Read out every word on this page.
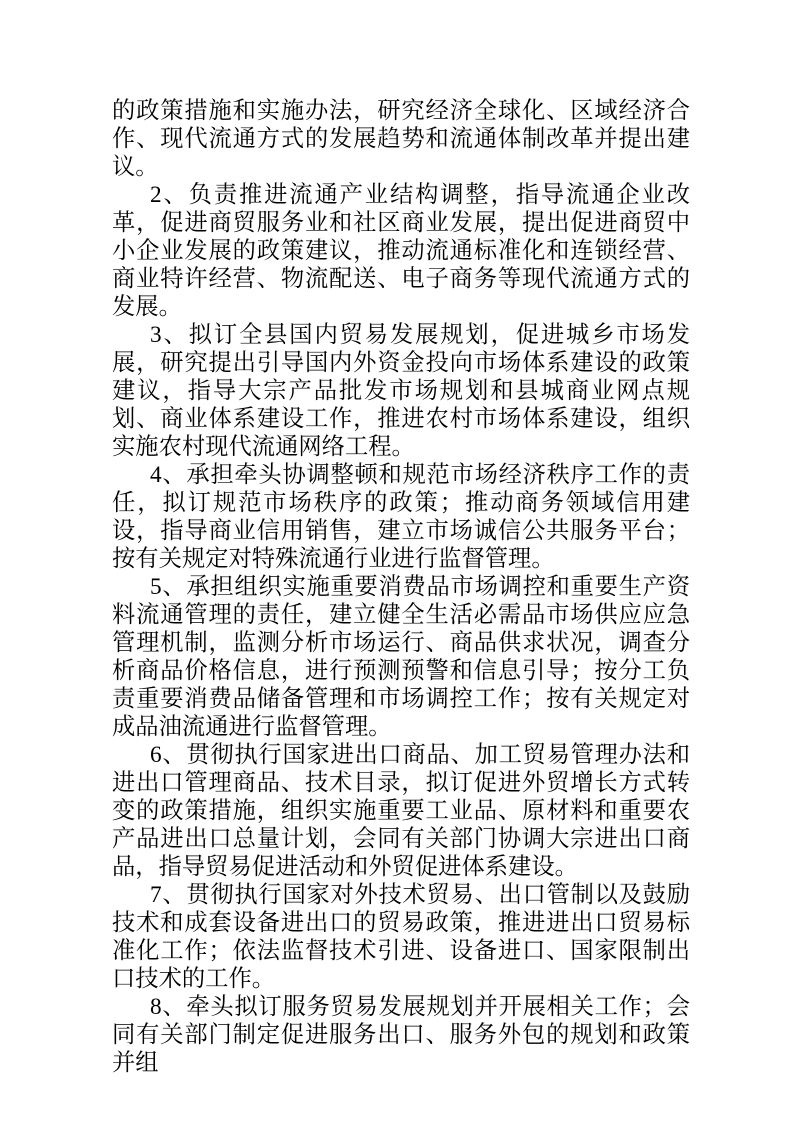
的政策措施和实施办法，研究经济全球化、区域经济合作、现代流通方式的发展趋势和流通体制改革并提出建议。

2、负责推进流通产业结构调整，指导流通企业改革，促进商贸服务业和社区商业发展，提出促进商贸中小企业发展的政策建议，推动流通标准化和连锁经营、商业特许经营、物流配送、电子商务等现代流通方式的发展。

3、拟订全县国内贸易发展规划，促进城乡市场发展，研究提出引导国内外资金投向市场体系建设的政策建议，指导大宗产品批发市场规划和县城商业网点规划、商业体系建设工作，推进农村市场体系建设，组织实施农村现代流通网络工程。

4、承担牵头协调整顿和规范市场经济秩序工作的责任，拟订规范市场秩序的政策；推动商务领域信用建设，指导商业信用销售，建立市场诚信公共服务平台；按有关规定对特殊流通行业进行监督管理。

5、承担组织实施重要消费品市场调控和重要生产资料流通管理的责任，建立健全生活必需品市场供应应急管理机制，监测分析市场运行、商品供求状况，调查分析商品价格信息，进行预测预警和信息引导；按分工负责重要消费品储备管理和市场调控工作；按有关规定对成品油流通进行监督管理。

6、贯彻执行国家进出口商品、加工贸易管理办法和进出口管理商品、技术目录，拟订促进外贸增长方式转变的政策措施，组织实施重要工业品、原材料和重要农产品进出口总量计划，会同有关部门协调大宗进出口商品，指导贸易促进活动和外贸促进体系建设。

7、贯彻执行国家对外技术贸易、出口管制以及鼓励技术和成套设备进出口的贸易政策，推进进出口贸易标准化工作；依法监督技术引进、设备进口、国家限制出口技术的工作。

8、牵头拟订服务贸易发展规划并开展相关工作；会同有关部门制定促进服务出口、服务外包的规划和政策并组
